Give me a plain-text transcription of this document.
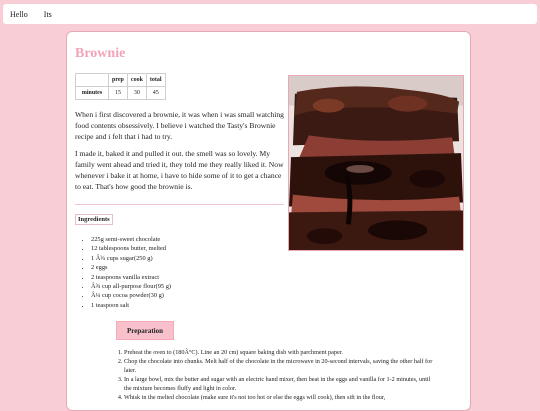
Hello Its
Brownie
	prep	cook	total
minutes	15	30	45

When i first discovered a brownie, it was when i was small watching food contents obsessively. I believe i watched the Tasty's Brownie recipe and i felt that i had to try.

I made it, baked it and pulled it out. the smell was so lovely. My family went ahead and tried it, they told me they really liked it. Now whenever i bake it at home, i have to hide some of it to get a chance to eat. That's how good the brownie is.

Ingredients
• 225g semi-sweet chocolate
• 12 tablespoons butter, melted
• 1 Â¾ cups sugar(250 g)
• 2 eggs
• 2 teaspoons vanilla extract
• Â¾ cup all-purpose flour(95 g)
• Â¼ cup cocoa powder(30 g)
• 1 teaspoon salt
Preparation
1. Preheat the oven to (180Â°C). Line an 20 cm) square baking dish with parchment paper.
2. Chop the chocolate into chunks. Melt half of the chocolate in the microwave in 20-second intervals, saving the other half for later.
3. In a large bowl, mix the butter and sugar with an electric hand mixer, then beat in the eggs and vanilla for 1-2 minutes, until the mixture becomes fluffy and light in color.
4. Whisk in the melted chocolate (make sure it's not too hot or else the eggs will cook), then sift in the flour,
